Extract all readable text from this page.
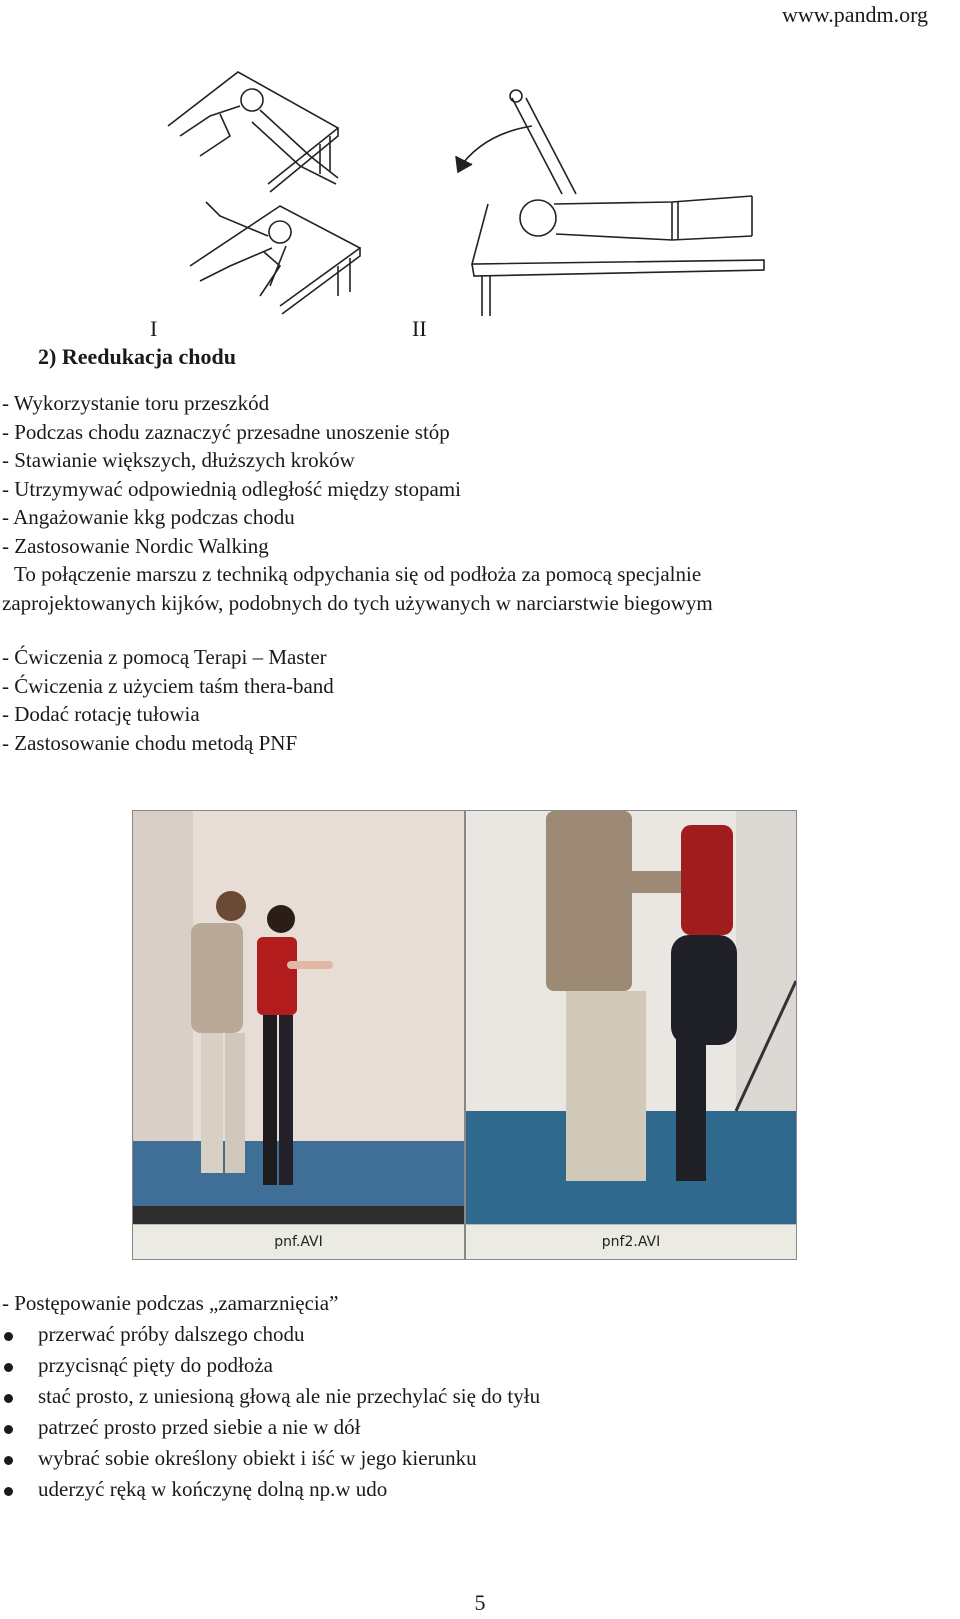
www.pandm.org
I	II
2) Reedukacja chodu
- Wykorzystanie toru przeszkód
- Podczas chodu zaznaczyć przesadne unoszenie stóp
- Stawianie większych, dłuższych kroków
- Utrzymywać odpowiednią odległość między stopami
- Angażowanie kkg podczas chodu
- Zastosowanie Nordic Walking
To połączenie marszu z techniką odpychania się od podłoża za pomocą specjalnie
zaprojektowanych kijków, podobnych do tych używanych w narciarstwie biegowym
- Ćwiczenia z pomocą Terapi – Master
- Ćwiczenia z użyciem taśm thera-band
- Dodać rotację tułowia
- Zastosowanie chodu metodą PNF
pnf.AVI	pnf2.AVI
- Postępowanie podczas „zamarznięcia”
przerwać próby dalszego chodu
przycisnąć pięty do podłoża
stać prosto, z uniesioną głową ale nie przechylać się do tyłu
patrzeć prosto przed siebie a nie w dół
wybrać sobie określony obiekt i iść w jego kierunku
uderzyć ręką w kończynę dolną np.w udo
5
